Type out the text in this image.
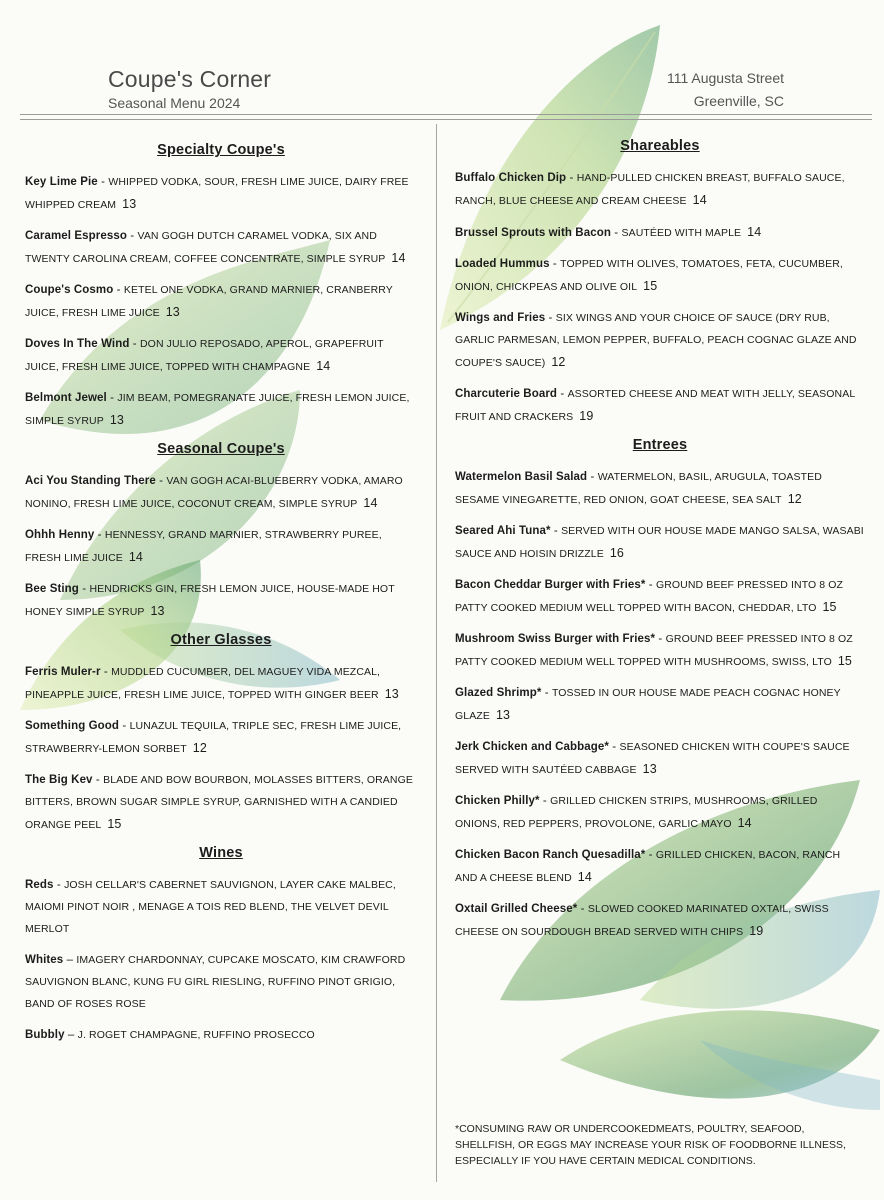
Coupe's Corner
Seasonal Menu 2024
111 Augusta Street
Greenville, SC

Specialty Coupe's

Key Lime Pie - WHIPPED VODKA, SOUR, FRESH LIME JUICE, DAIRY FREE WHIPPED CREAM 13

Caramel Espresso - VAN GOGH DUTCH CARAMEL VODKA, SIX AND TWENTY CAROLINA CREAM, COFFEE CONCENTRATE, SIMPLE SYRUP 14

Coupe's Cosmo - KETEL ONE VODKA, GRAND MARNIER, CRANBERRY JUICE, FRESH LIME JUICE 13

Doves In The Wind - DON JULIO REPOSADO, APEROL, GRAPEFRUIT JUICE, FRESH LIME JUICE, TOPPED WITH CHAMPAGNE 14

Belmont Jewel - JIM BEAM, POMEGRANATE JUICE, FRESH LEMON JUICE, SIMPLE SYRUP 13

Seasonal Coupe's

Aci You Standing There - VAN GOGH ACAI-BLUEBERRY VODKA, AMARO NONINO, FRESH LIME JUICE, COCONUT CREAM, SIMPLE SYRUP 14

Ohhh Henny - HENNESSY, GRAND MARNIER, STRAWBERRY PUREE, FRESH LIME JUICE 14

Bee Sting - HENDRICKS GIN, FRESH LEMON JUICE, HOUSE-MADE HOT HONEY SIMPLE SYRUP 13

Other Glasses

Ferris Muler-r - MUDDLED CUCUMBER, DEL MAGUEY VIDA MEZCAL, PINEAPPLE JUICE, FRESH LIME JUICE, TOPPED WITH GINGER BEER 13

Something Good - LUNAZUL TEQUILA, TRIPLE SEC, FRESH LIME JUICE, STRAWBERRY-LEMON SORBET 12

The Big Kev - BLADE AND BOW BOURBON, MOLASSES BITTERS, ORANGE BITTERS, BROWN SUGAR SIMPLE SYRUP, GARNISHED WITH A CANDIED ORANGE PEEL 15

Wines

Reds - JOSH CELLAR'S CABERNET SAUVIGNON, LAYER CAKE MALBEC, MAIOMI PINOT NOIR , MENAGE A TOIS RED BLEND, THE VELVET DEVIL MERLOT

Whites – IMAGERY CHARDONNAY, CUPCAKE MOSCATO, KIM CRAWFORD SAUVIGNON BLANC, KUNG FU GIRL RIESLING, RUFFINO PINOT GRIGIO, BAND OF ROSES ROSE

Bubbly – J. ROGET CHAMPAGNE, RUFFINO PROSECCO

Shareables

Buffalo Chicken Dip - HAND-PULLED CHICKEN BREAST, BUFFALO SAUCE, RANCH, BLUE CHEESE AND CREAM CHEESE 14

Brussel Sprouts with Bacon - SAUTÉED WITH MAPLE 14

Loaded Hummus - TOPPED WITH OLIVES, TOMATOES, FETA, CUCUMBER, ONION, CHICKPEAS AND OLIVE OIL 15

Wings and Fries - SIX WINGS AND YOUR CHOICE OF SAUCE (DRY RUB, GARLIC PARMESAN, LEMON PEPPER, BUFFALO, PEACH COGNAC GLAZE AND COUPE'S SAUCE) 12

Charcuterie Board - ASSORTED CHEESE AND MEAT WITH JELLY, SEASONAL FRUIT AND CRACKERS 19

Entrees

Watermelon Basil Salad - WATERMELON, BASIL, ARUGULA, TOASTED SESAME VINEGARETTE, RED ONION, GOAT CHEESE, SEA SALT 12

Seared Ahi Tuna* - SERVED WITH OUR HOUSE MADE MANGO SALSA, WASABI SAUCE AND HOISIN DRIZZLE 16

Bacon Cheddar Burger with Fries* - GROUND BEEF PRESSED INTO 8 OZ PATTY COOKED MEDIUM WELL TOPPED WITH BACON, CHEDDAR, LTO 15

Mushroom Swiss Burger with Fries* - GROUND BEEF PRESSED INTO 8 OZ PATTY COOKED MEDIUM WELL TOPPED WITH MUSHROOMS, SWISS, LTO 15

Glazed Shrimp* - TOSSED IN OUR HOUSE MADE PEACH COGNAC HONEY GLAZE 13

Jerk Chicken and Cabbage* - SEASONED CHICKEN WITH COUPE'S SAUCE SERVED WITH SAUTÉED CABBAGE 13

Chicken Philly* - GRILLED CHICKEN STRIPS, MUSHROOMS, GRILLED ONIONS, RED PEPPERS, PROVOLONE, GARLIC MAYO 14

Chicken Bacon Ranch Quesadilla* - GRILLED CHICKEN, BACON, RANCH AND A CHEESE BLEND 14

Oxtail Grilled Cheese* - SLOWED COOKED MARINATED OXTAIL, SWISS CHEESE ON SOURDOUGH BREAD SERVED WITH CHIPS 19

*CONSUMING RAW OR UNDERCOOKEDMEATS, POULTRY, SEAFOOD, SHELLFISH, OR EGGS MAY INCREASE YOUR RISK OF FOODBORNE ILLNESS, ESPECIALLY IF YOU HAVE CERTAIN MEDICAL CONDITIONS.
